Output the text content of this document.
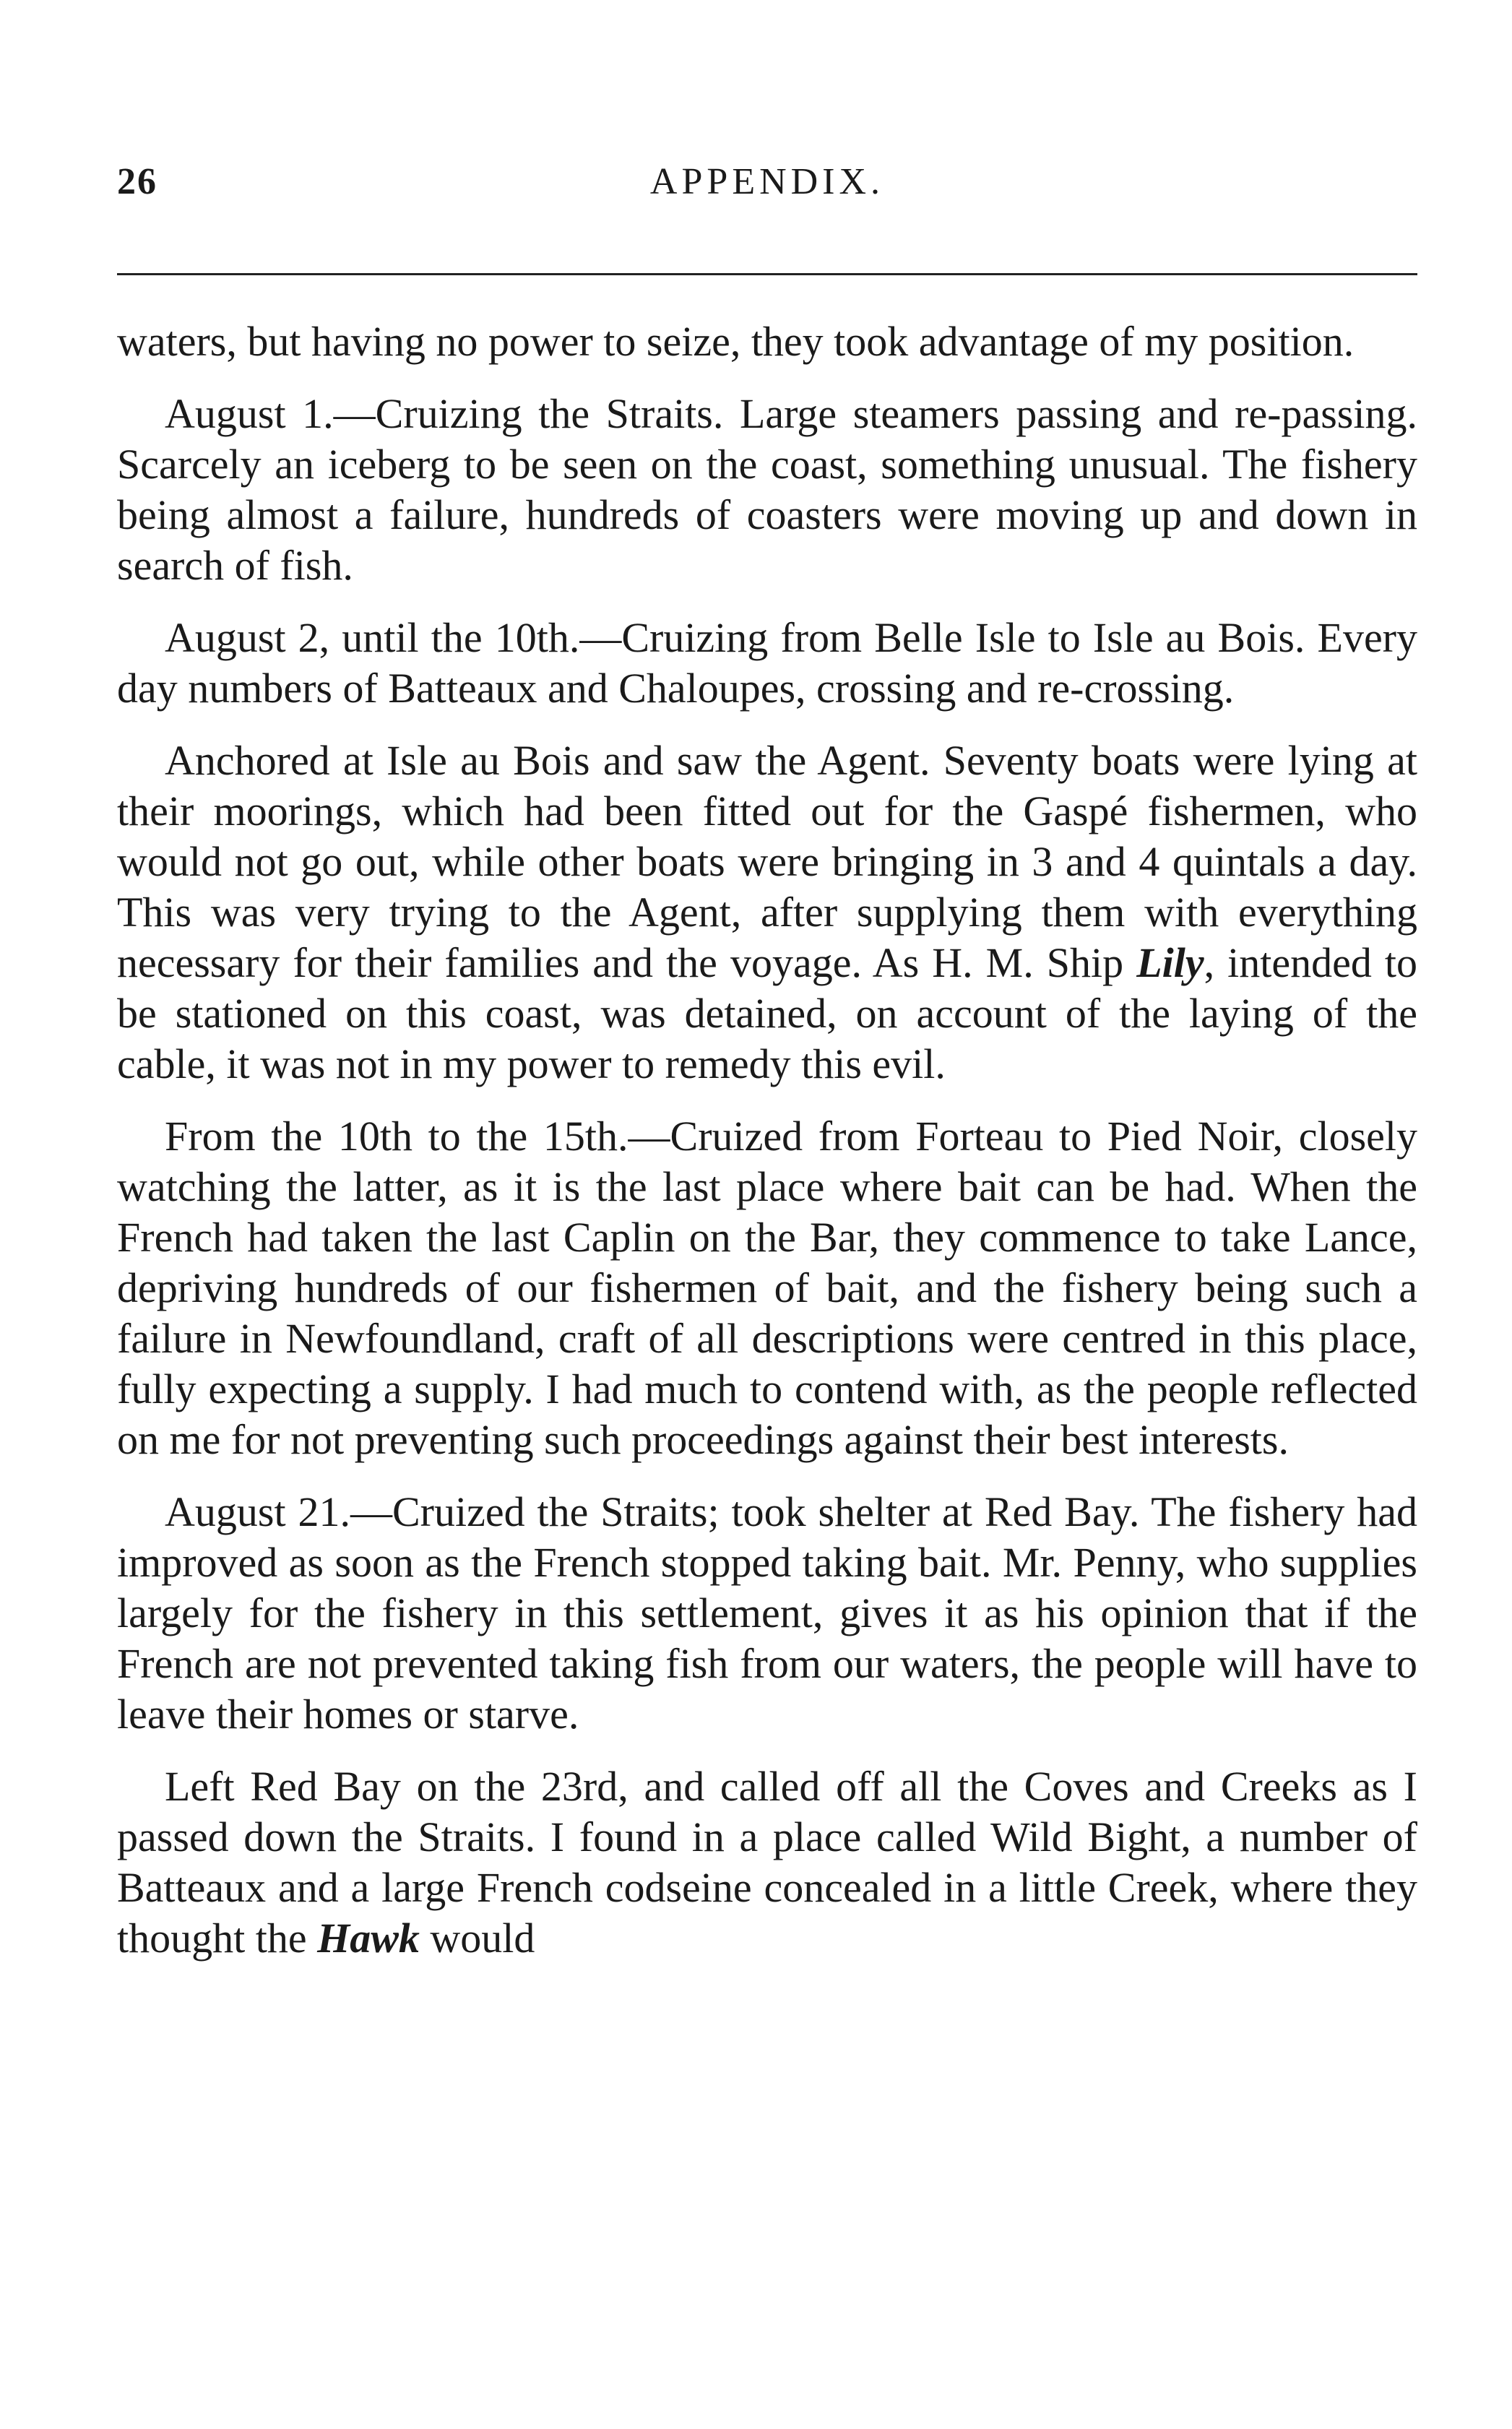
26	APPENDIX.

waters, but having no power to seize, they took advantage of my position.

August 1.—Cruizing the Straits. Large steamers passing and re-passing. Scarcely an iceberg to be seen on the coast, something unusual. The fishery being almost a failure, hundreds of coasters were moving up and down in search of fish.

August 2, until the 10th.—Cruizing from Belle Isle to Isle au Bois. Every day numbers of Batteaux and Chaloupes, crossing and re-crossing.

Anchored at Isle au Bois and saw the Agent. Seventy boats were lying at their moorings, which had been fitted out for the Gaspé fishermen, who would not go out, while other boats were bringing in 3 and 4 quintals a day. This was very trying to the Agent, after supplying them with everything necessary for their families and the voyage. As H. M. Ship Lily, intended to be stationed on this coast, was detained, on account of the laying of the cable, it was not in my power to remedy this evil.

From the 10th to the 15th.—Cruized from Forteau to Pied Noir, closely watching the latter, as it is the last place where bait can be had. When the French had taken the last Caplin on the Bar, they commence to take Lance, depriving hundreds of our fishermen of bait, and the fishery being such a failure in Newfoundland, craft of all descriptions were centred in this place, fully expecting a supply. I had much to contend with, as the people reflected on me for not preventing such proceedings against their best interests.

August 21.—Cruized the Straits; took shelter at Red Bay. The fishery had improved as soon as the French stopped taking bait. Mr. Penny, who supplies largely for the fishery in this settlement, gives it as his opinion that if the French are not prevented taking fish from our waters, the people will have to leave their homes or starve.

Left Red Bay on the 23rd, and called off all the Coves and Creeks as I passed down the Straits. I found in a place called Wild Bight, a number of Batteaux and a large French codseine concealed in a little Creek, where they thought the Hawk would
